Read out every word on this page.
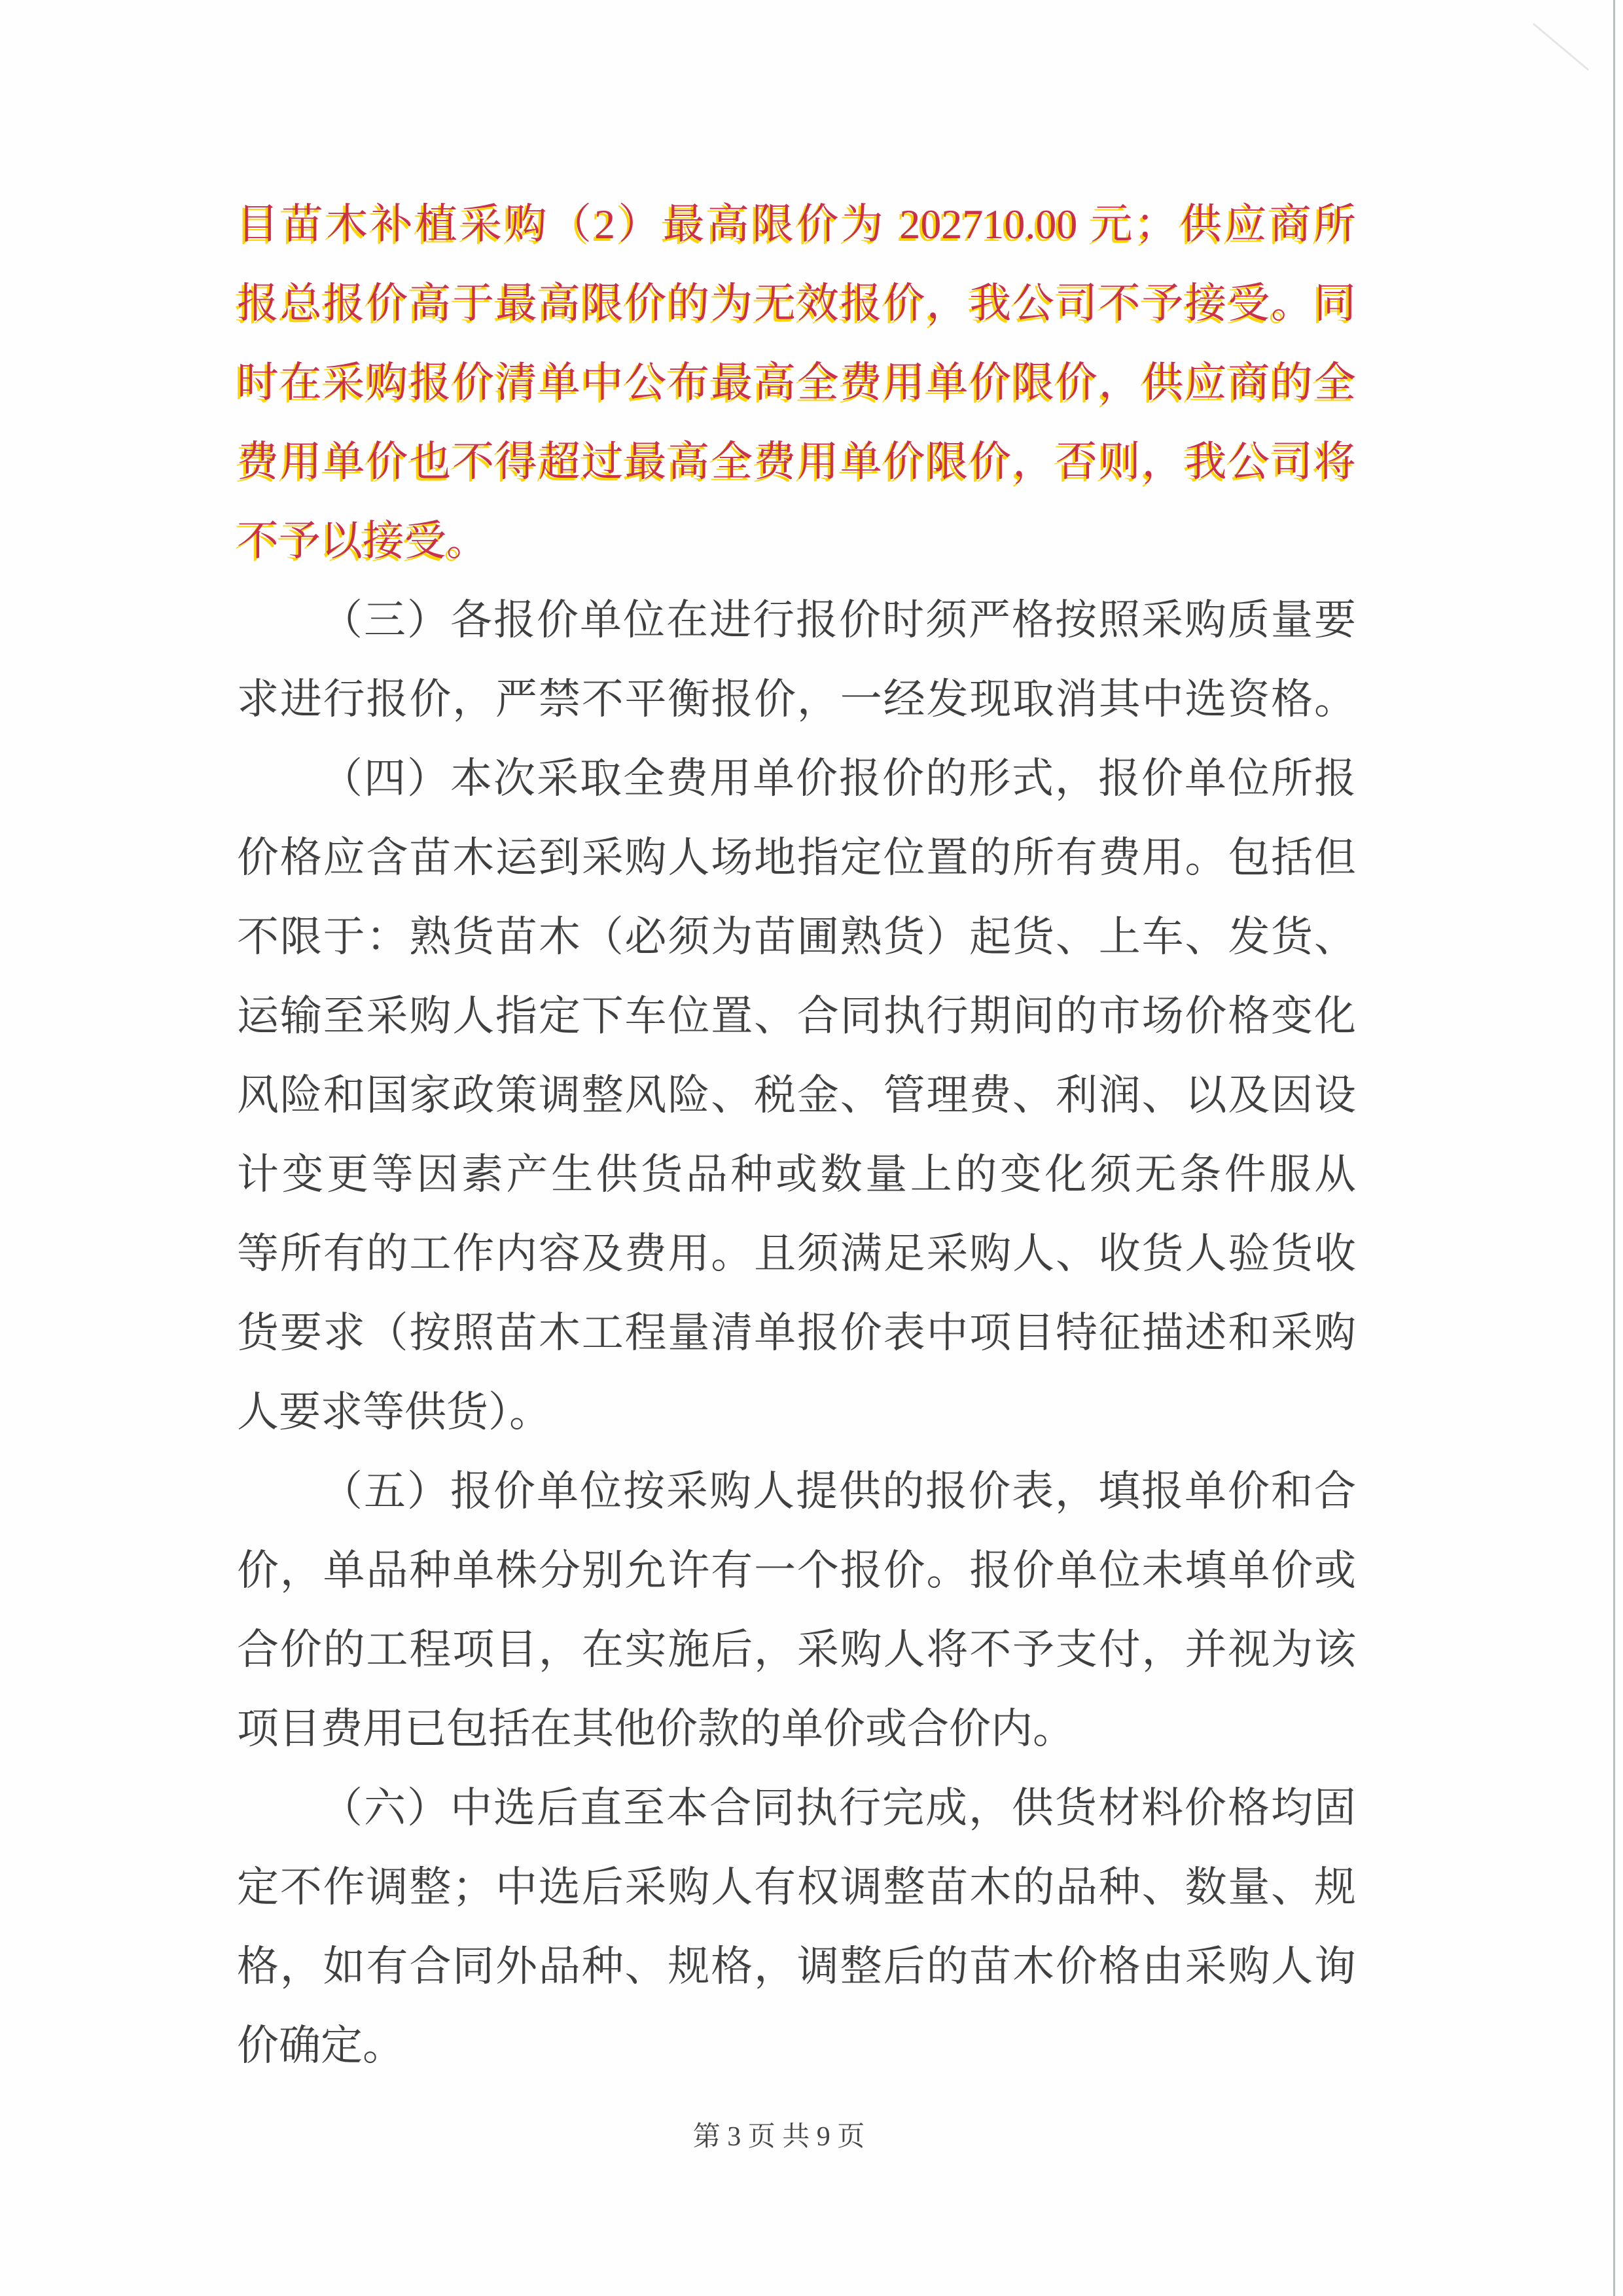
目苗木补植采购（2）最高限价为 202710.00 元；供应商所
报总报价高于最高限价的为无效报价，我公司不予接受。同
时在采购报价清单中公布最高全费用单价限价，供应商的全
费用单价也不得超过最高全费用单价限价，否则，我公司将
不予以接受。
（三）各报价单位在进行报价时须严格按照采购质量要
求进行报价，严禁不平衡报价，一经发现取消其中选资格。
（四）本次采取全费用单价报价的形式，报价单位所报
价格应含苗木运到采购人场地指定位置的所有费用。包括但
不限于：熟货苗木（必须为苗圃熟货）起货、上车、发货、
运输至采购人指定下车位置、合同执行期间的市场价格变化
风险和国家政策调整风险、税金、管理费、利润、以及因设
计变更等因素产生供货品种或数量上的变化须无条件服从
等所有的工作内容及费用。且须满足采购人、收货人验货收
货要求（按照苗木工程量清单报价表中项目特征描述和采购
人要求等供货）。
（五）报价单位按采购人提供的报价表，填报单价和合
价，单品种单株分别允许有一个报价。报价单位未填单价或
合价的工程项目，在实施后，采购人将不予支付，并视为该
项目费用已包括在其他价款的单价或合价内。
（六）中选后直至本合同执行完成，供货材料价格均固
定不作调整；中选后采购人有权调整苗木的品种、数量、规
格，如有合同外品种、规格，调整后的苗木价格由采购人询
价确定。
第 3 页 共 9 页
